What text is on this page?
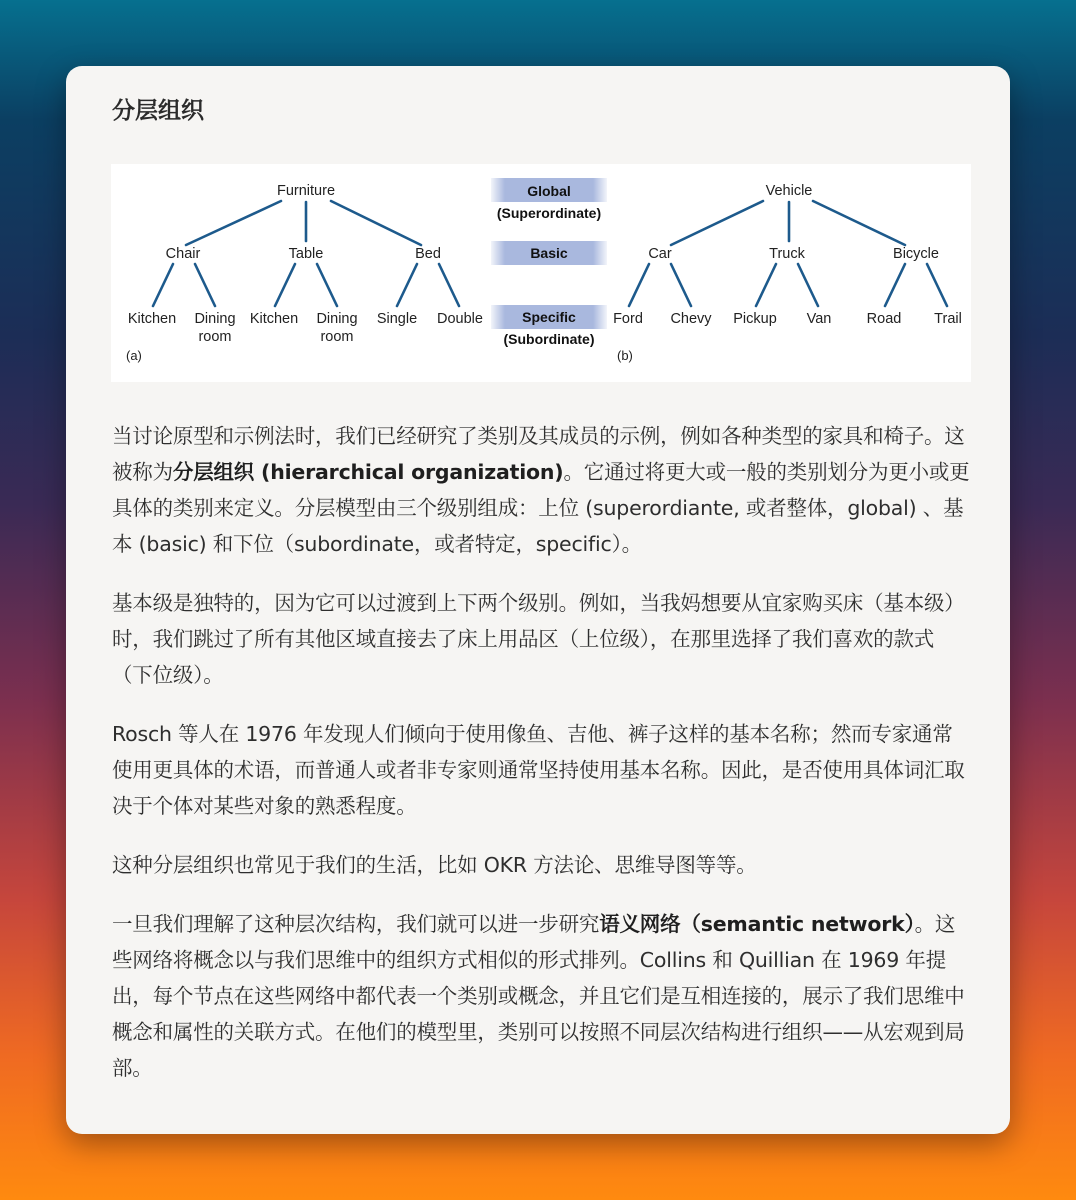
分层组织
Global
(Superordinate)
Basic
Specific
(Subordinate)
Furniture
Chair	Table	Bed
Kitchen Dining
room
Kitchen Dining
room
Single Double
(a)
Vehicle
Car	Truck	Bicycle
Ford Chevy Pickup Van Road Trail
(b)

当讨论原型和示例法时，我们已经研究了类别及其成员的示例，例如各种类型的家具和椅子。这被称为分层组织 (hierarchical organization)。它通过将更大或一般的类别划分为更小或更具体的类别来定义。分层模型由三个级别组成：上位 (superordiante, 或者整体，global) 、基本 (basic) 和下位（subordinate，或者特定，specific）。

基本级是独特的，因为它可以过渡到上下两个级别。例如，当我妈想要从宜家购买床（基本级）时，我们跳过了所有其他区域直接去了床上用品区（上位级），在那里选择了我们喜欢的款式（下位级）。

Rosch 等人在 1976 年发现人们倾向于使用像鱼、吉他、裤子这样的基本名称；然而专家通常使用更具体的术语，而普通人或者非专家则通常坚持使用基本名称。因此，是否使用具体词汇取决于个体对某些对象的熟悉程度。

这种分层组织也常见于我们的生活，比如 OKR 方法论、思维导图等等。

一旦我们理解了这种层次结构，我们就可以进一步研究语义网络（semantic network）。这些网络将概念以与我们思维中的组织方式相似的形式排列。Collins 和 Quillian 在 1969 年提出，每个节点在这些网络中都代表一个类别或概念，并且它们是互相连接的，展示了我们思维中概念和属性的关联方式。在他们的模型里，类别可以按照不同层次结构进行组织——从宏观到局部。
